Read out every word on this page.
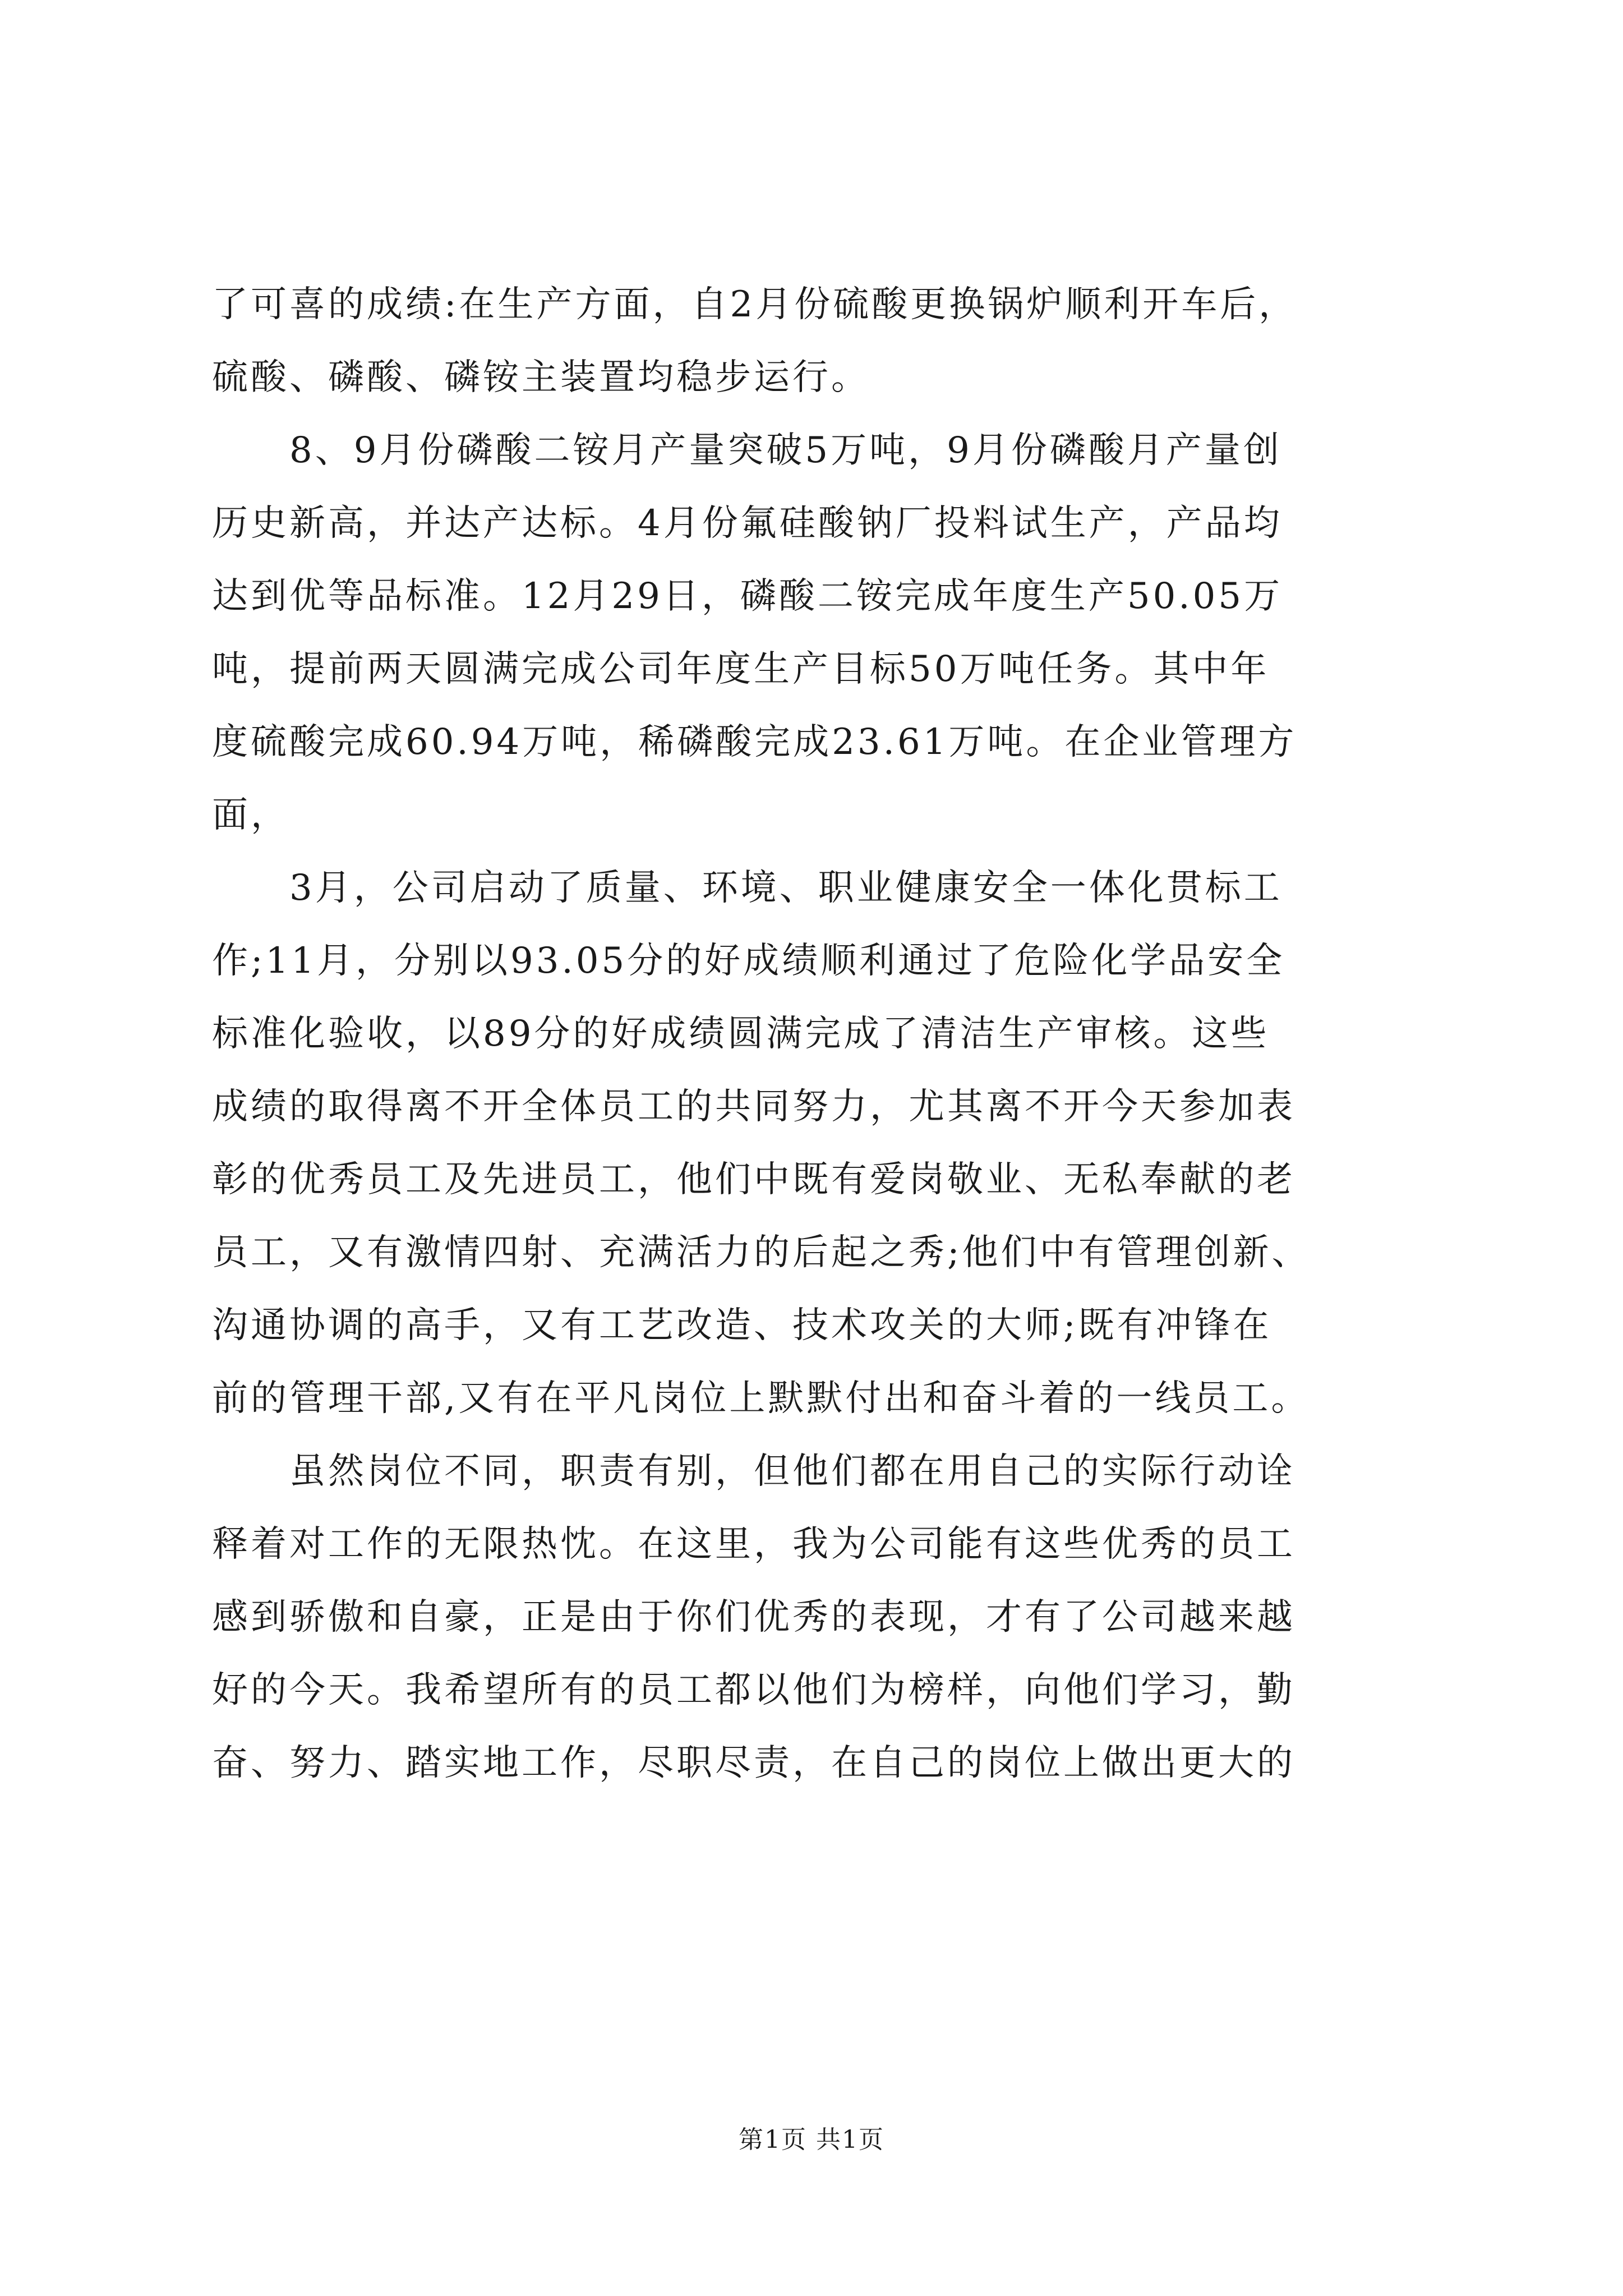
了可喜的成绩:在生产方面，自2月份硫酸更换锅炉顺利开车后，
硫酸、磷酸、磷铵主装置均稳步运行。
8、9月份磷酸二铵月产量突破5万吨，9月份磷酸月产量创
历史新高，并达产达标。4月份氟硅酸钠厂投料试生产，产品均
达到优等品标准。12月29日，磷酸二铵完成年度生产50.05万
吨，提前两天圆满完成公司年度生产目标50万吨任务。其中年
度硫酸完成60.94万吨，稀磷酸完成23.61万吨。在企业管理方
面，
3月，公司启动了质量、环境、职业健康安全一体化贯标工
作;11月，分别以93.05分的好成绩顺利通过了危险化学品安全
标准化验收，以89分的好成绩圆满完成了清洁生产审核。这些
成绩的取得离不开全体员工的共同努力，尤其离不开今天参加表
彰的优秀员工及先进员工，他们中既有爱岗敬业、无私奉献的老
员工，又有激情四射、充满活力的后起之秀;他们中有管理创新、
沟通协调的高手，又有工艺改造、技术攻关的大师;既有冲锋在
前的管理干部,又有在平凡岗位上默默付出和奋斗着的一线员工。
虽然岗位不同，职责有别，但他们都在用自己的实际行动诠
释着对工作的无限热忱。在这里，我为公司能有这些优秀的员工
感到骄傲和自豪，正是由于你们优秀的表现，才有了公司越来越
好的今天。我希望所有的员工都以他们为榜样，向他们学习，勤
奋、努力、踏实地工作，尽职尽责，在自己的岗位上做出更大的
第1页 共1页
